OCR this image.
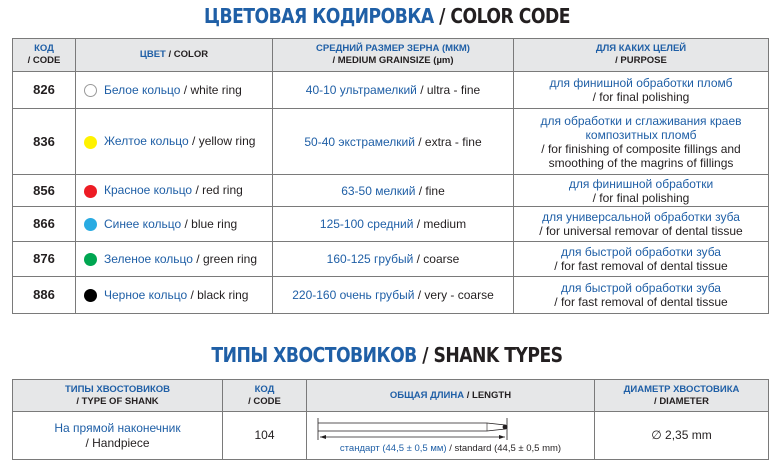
ЦВЕТОВАЯ КОДИРОВКА / COLOR CODE
КОД
/ CODE	ЦВЕТ / COLOR	СРЕДНИЙ РАЗМЕР ЗЕРНА (МКМ)
/ MEDIUM GRAINSIZE (µm)	ДЛЯ КАКИХ ЦЕЛЕЙ
/ PURPOSE
826	Белое кольцо / white ring	40-10 ультрамелкий / ultra - fine	для финишной обработки пломб
/ for final polishing
836	Желтое кольцо / yellow ring	50-40 экстрамелкий / extra - fine	для обработки и сглаживания краев композитных пломб
/ for finishing of composite fillings and smoothing of the magrins of fillings
856	Красное кольцо / red ring	63-50 мелкий / fine	для финишной обработки
/ for final polishing
866	Синее кольцо / blue ring	125-100 средний / medium	для универсальной обработки зуба
/ for universal removar of dental tissue
876	Зеленое кольцо / green ring	160-125 грубый / coarse	для быстрой обработки зуба
/ for fast removal of dental tissue
886	Черное кольцо / black ring	220-160 очень грубый / very - coarse	для быстрой обработки зуба
/ for fast removal of dental tissue
ТИПЫ ХВОСТОВИКОВ / SHANK TYPES
ТИПЫ ХВОСТОВИКОВ
/ TYPE OF SHANK	КОД
/ CODE	ОБЩАЯ ДЛИНА / LENGTH	ДИАМЕТР ХВОСТОВИКА
/ DIAMETER
На прямой наконечник
/ Handpiece	104	стандарт (44,5 ± 0,5 мм) / standard (44,5 ± 0,5 mm)	∅ 2,35 mm
